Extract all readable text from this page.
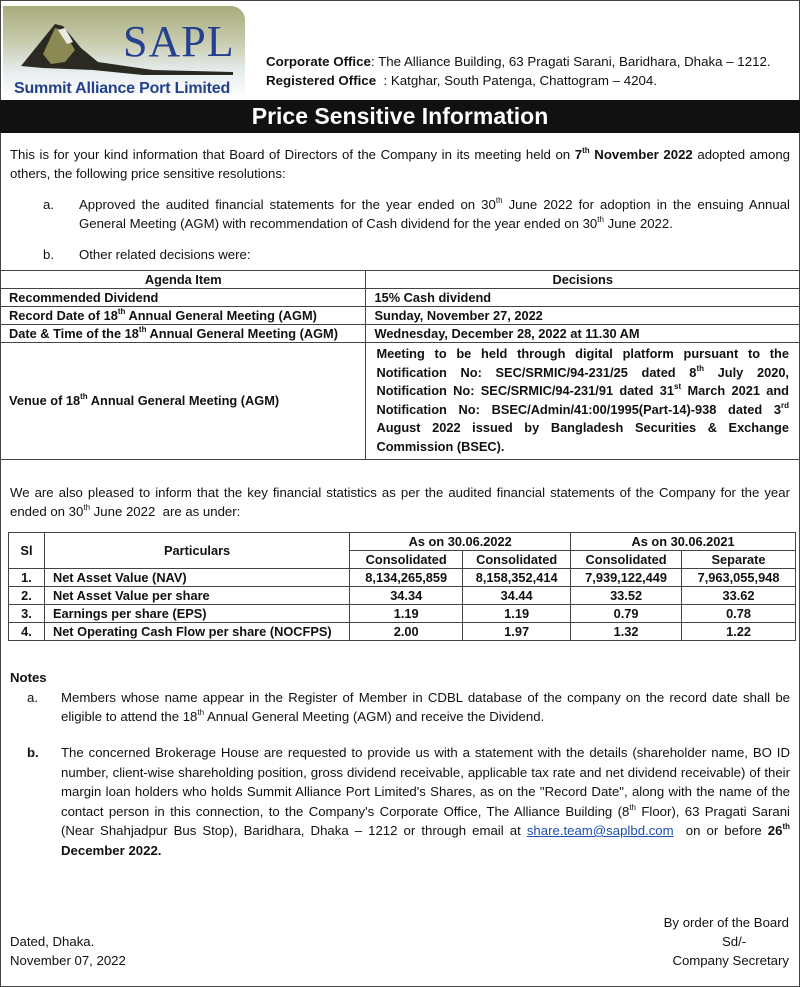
SAPL
Summit Alliance Port Limited
Corporate Office: The Alliance Building, 63 Pragati Sarani, Baridhara, Dhaka – 1212.
Registered Office  : Katghar, South Patenga, Chattogram – 4204.
Price Sensitive Information
This is for your kind information that Board of Directors of the Company in its meeting held on 7th November 2022 adopted among others, the following price sensitive resolutions:
a. Approved the audited financial statements for the year ended on 30th June 2022 for adoption in the ensuing Annual General Meeting (AGM) with recommendation of Cash dividend for the year ended on 30th June 2022.
b. Other related decisions were:
Agenda Item	Decisions
Recommended Dividend	15% Cash dividend
Record Date of 18th Annual General Meeting (AGM)	Sunday, November 27, 2022
Date & Time of the 18th Annual General Meeting (AGM)	Wednesday, December 28, 2022 at 11.30 AM
Venue of 18th Annual General Meeting (AGM)	Meeting to be held through digital platform pursuant to the Notification No: SEC/SRMIC/94-231/25 dated 8th July 2020, Notification No: SEC/SRMIC/94-231/91 dated 31st March 2021 and Notification No: BSEC/Admin/41:00/1995(Part-14)-938 dated 3rd August 2022 issued by Bangladesh Securities & Exchange Commission (BSEC).
We are also pleased to inform that the key financial statistics as per the audited financial statements of the Company for the year ended on 30th June 2022  are as under:
Sl	Particulars	As on 30.06.2022		As on 30.06.2021	
		Consolidated	Consolidated	Consolidated	Separate
1.	Net Asset Value (NAV)	8,134,265,859	8,158,352,414	7,939,122,449	7,963,055,948
2.	Net Asset Value per share	34.34	34.44	33.52	33.62
3.	Earnings per share (EPS)	1.19	1.19	0.79	0.78
4.	Net Operating Cash Flow per share (NOCFPS)	2.00	1.97	1.32	1.22
Notes
a. Members whose name appear in the Register of Member in CDBL database of the company on the record date shall be eligible to attend the 18th Annual General Meeting (AGM) and receive the Dividend.
b. The concerned Brokerage House are requested to provide us with a statement with the details (shareholder name, BO ID number, client-wise shareholding position, gross dividend receivable, applicable tax rate and net dividend receivable) of their margin loan holders who holds Summit Alliance Port Limited's Shares, as on the "Record Date", along with the name of the contact person in this connection, to the Company's Corporate Office, The Alliance Building (8th Floor), 63 Pragati Sarani (Near Shahjadpur Bus Stop), Baridhara, Dhaka – 1212 or through email at share.team@saplbd.com  on or before 26th December 2022.
Dated, Dhaka.
November 07, 2022
By order of the Board
Sd/-
Company Secretary
